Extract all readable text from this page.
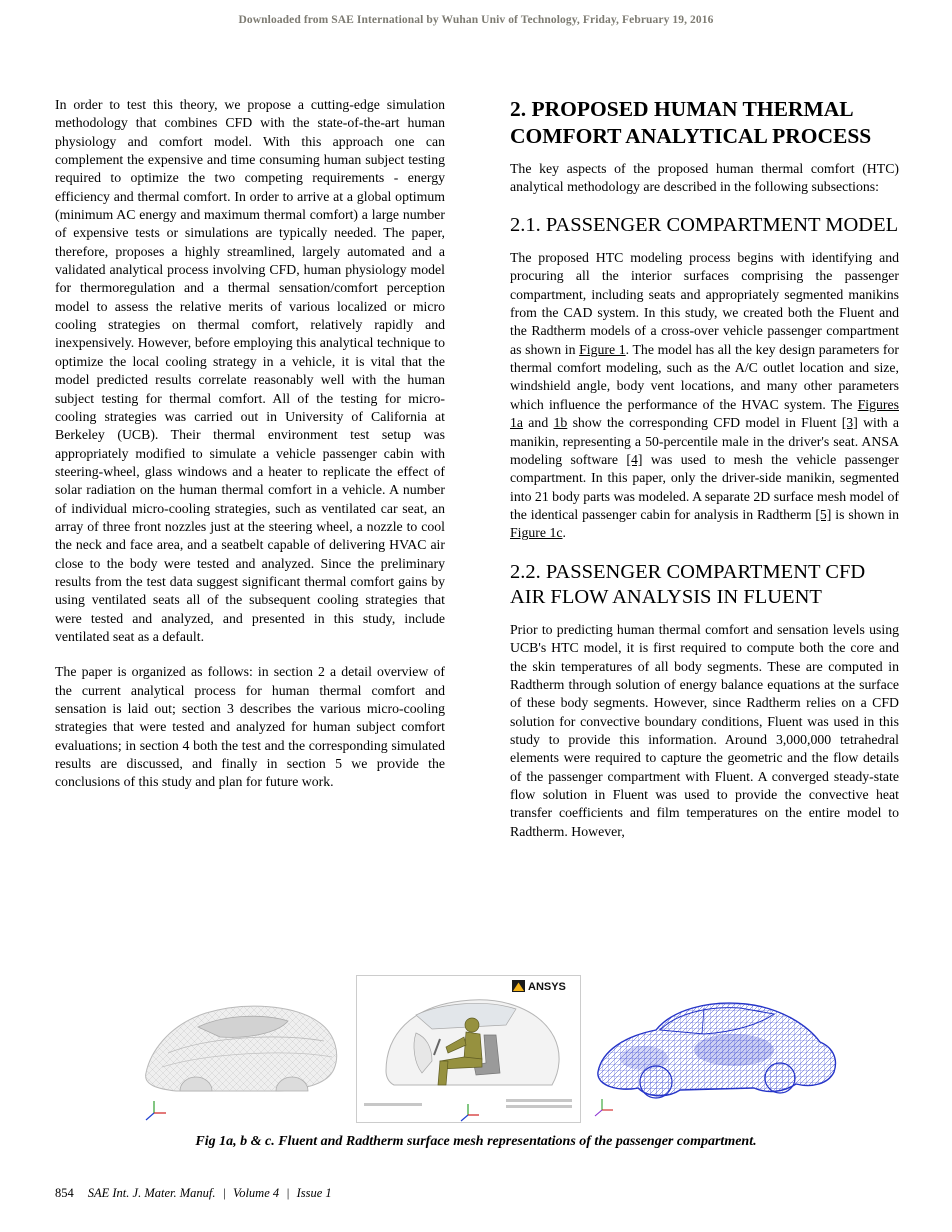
Downloaded from SAE International by Wuhan Univ of Technology, Friday, February 19, 2016

In order to test this theory, we propose a cutting-edge simulation methodology that combines CFD with the state-of-the-art human physiology and comfort model. With this approach one can complement the expensive and time consuming human subject testing required to optimize the two competing requirements - energy efficiency and thermal comfort. In order to arrive at a global optimum (minimum AC energy and maximum thermal comfort) a large number of expensive tests or simulations are typically needed. The paper, therefore, proposes a highly streamlined, largely automated and a validated analytical process involving CFD, human physiology model for thermoregulation and a thermal sensation/comfort perception model to assess the relative merits of various localized or micro cooling strategies on thermal comfort, relatively rapidly and inexpensively. However, before employing this analytical technique to optimize the local cooling strategy in a vehicle, it is vital that the model predicted results correlate reasonably well with the human subject testing for thermal comfort. All of the testing for micro-cooling strategies was carried out in University of California at Berkeley (UCB). Their thermal environment test setup was appropriately modified to simulate a vehicle passenger cabin with steering-wheel, glass windows and a heater to replicate the effect of solar radiation on the human thermal comfort in a vehicle. A number of individual micro-cooling strategies, such as ventilated car seat, an array of three front nozzles just at the steering wheel, a nozzle to cool the neck and face area, and a seatbelt capable of delivering HVAC air close to the body were tested and analyzed. Since the preliminary results from the test data suggest significant thermal comfort gains by using ventilated seats all of the subsequent cooling strategies that were tested and analyzed, and presented in this study, include ventilated seat as a default.

The paper is organized as follows: in section 2 a detail overview of the current analytical process for human thermal comfort and sensation is laid out; section 3 describes the various micro-cooling strategies that were tested and analyzed for human subject comfort evaluations; in section 4 both the test and the corresponding simulated results are discussed, and finally in section 5 we provide the conclusions of this study and plan for future work.

2. PROPOSED HUMAN THERMAL COMFORT ANALYTICAL PROCESS

The key aspects of the proposed human thermal comfort (HTC) analytical methodology are described in the following subsections:

2.1. PASSENGER COMPARTMENT MODEL

The proposed HTC modeling process begins with identifying and procuring all the interior surfaces comprising the passenger compartment, including seats and appropriately segmented manikins from the CAD system. In this study, we created both the Fluent and the Radtherm models of a cross-over vehicle passenger compartment as shown in Figure 1. The model has all the key design parameters for thermal comfort modeling, such as the A/C outlet location and size, windshield angle, body vent locations, and many other parameters which influence the performance of the HVAC system. The Figures 1a and 1b show the corresponding CFD model in Fluent [3] with a manikin, representing a 50-percentile male in the driver's seat. ANSA modeling software [4] was used to mesh the vehicle passenger compartment. In this paper, only the driver-side manikin, segmented into 21 body parts was modeled. A separate 2D surface mesh model of the identical passenger cabin for analysis in Radtherm [5] is shown in Figure 1c.

2.2. PASSENGER COMPARTMENT CFD AIR FLOW ANALYSIS IN FLUENT

Prior to predicting human thermal comfort and sensation levels using UCB's HTC model, it is first required to compute both the core and the skin temperatures of all body segments. These are computed in Radtherm through solution of energy balance equations at the surface of these body segments. However, since Radtherm relies on a CFD solution for convective boundary conditions, Fluent was used in this study to provide this information. Around 3,000,000 tetrahedral elements were required to capture the geometric and the flow details of the passenger compartment with Fluent. A converged steady-state flow solution in Fluent was used to provide the convective heat transfer coefficients and film temperatures on the entire model to Radtherm. However,

ANSYS
Fig 1a, b & c. Fluent and Radtherm surface mesh representations of the passenger compartment.
854 SAE Int. J. Mater. Manuf. | Volume 4 | Issue 1
